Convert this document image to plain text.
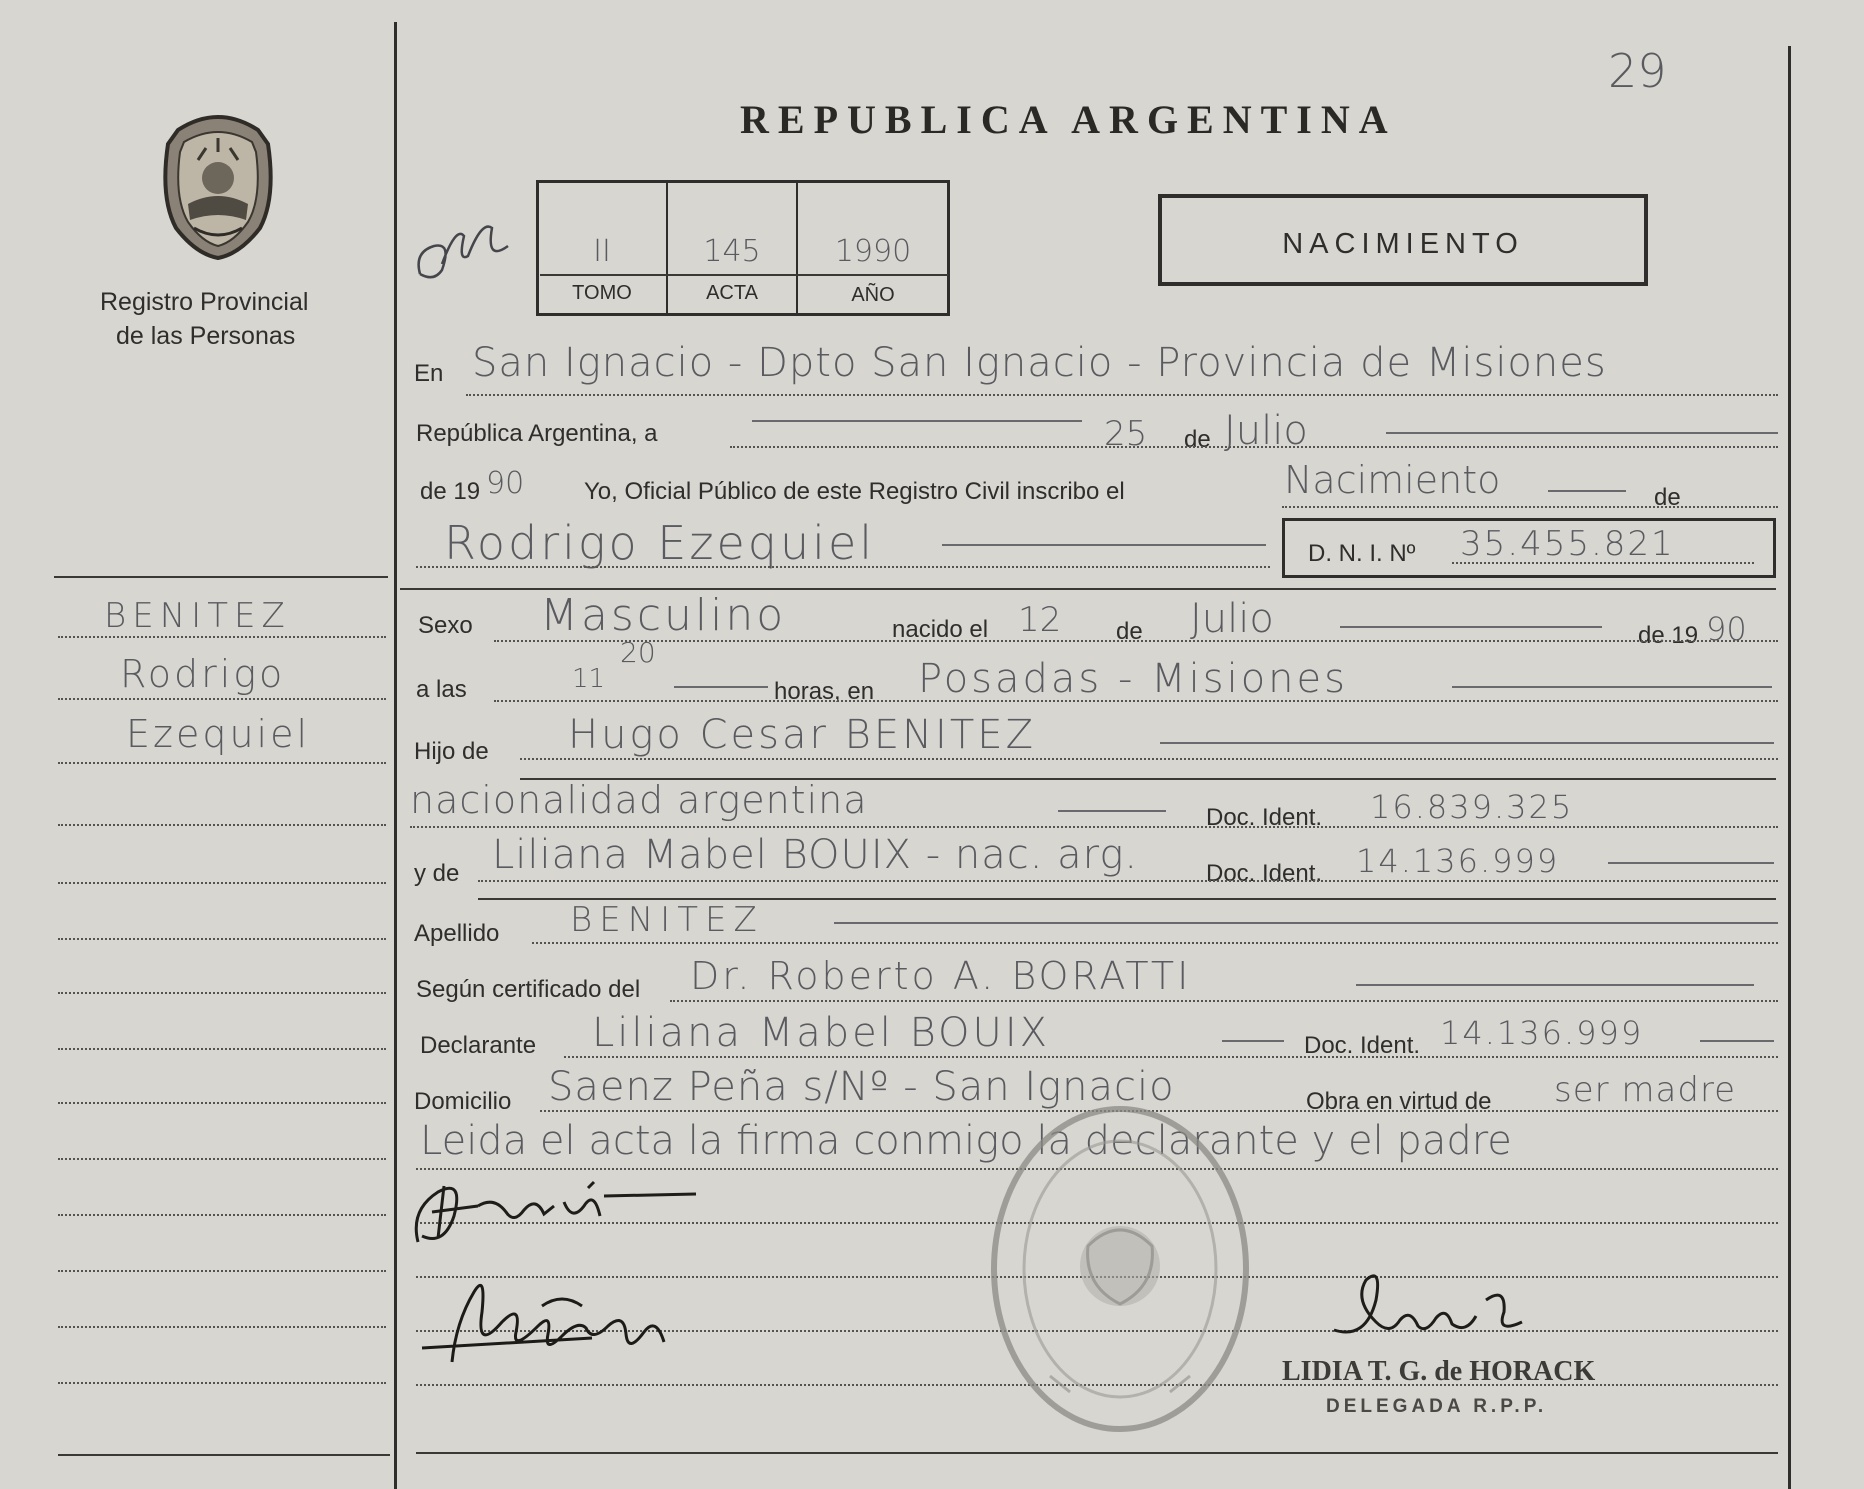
Registro Provincial
de las Personas
BENITEZ
Rodrigo
Ezequiel
29
REPUBLICA ARGENTINA
NACIMIENTO
II	145	1990
TOMO	ACTA	AÑO
En San Ignacio - Dpto San Ignacio - Provincia de Misiones
República Argentina, a	25 de Julio
de 19 90 Yo, Oficial Público de este Registro Civil inscribo el	Nacimiento	de
Rodrigo Ezequiel	D. N. I. Nº 35.455.821
Sexo Masculino	nacido el 12 de Julio	de 19 90
a las	11
20
horas, en Posadas - Misiones
Hijo de Hugo Cesar BENITEZ
nacionalidad argentina	Doc. Ident. 16.839.325
y de Liliana Mabel BOUIX - nac. arg.	Doc. Ident. 14.136.999
Apellido BENITEZ
Según certificado del Dr. Roberto A. BORATTI
Declarante Liliana Mabel BOUIX	Doc. Ident. 14.136.999
Domicilio Saenz Peña s/Nº - San Ignacio	Obra en virtud de ser madre
Leida el acta la firma conmigo la declarante y el padre
LIDIA T. G. de HORACK
DELEGADA R.P.P.
